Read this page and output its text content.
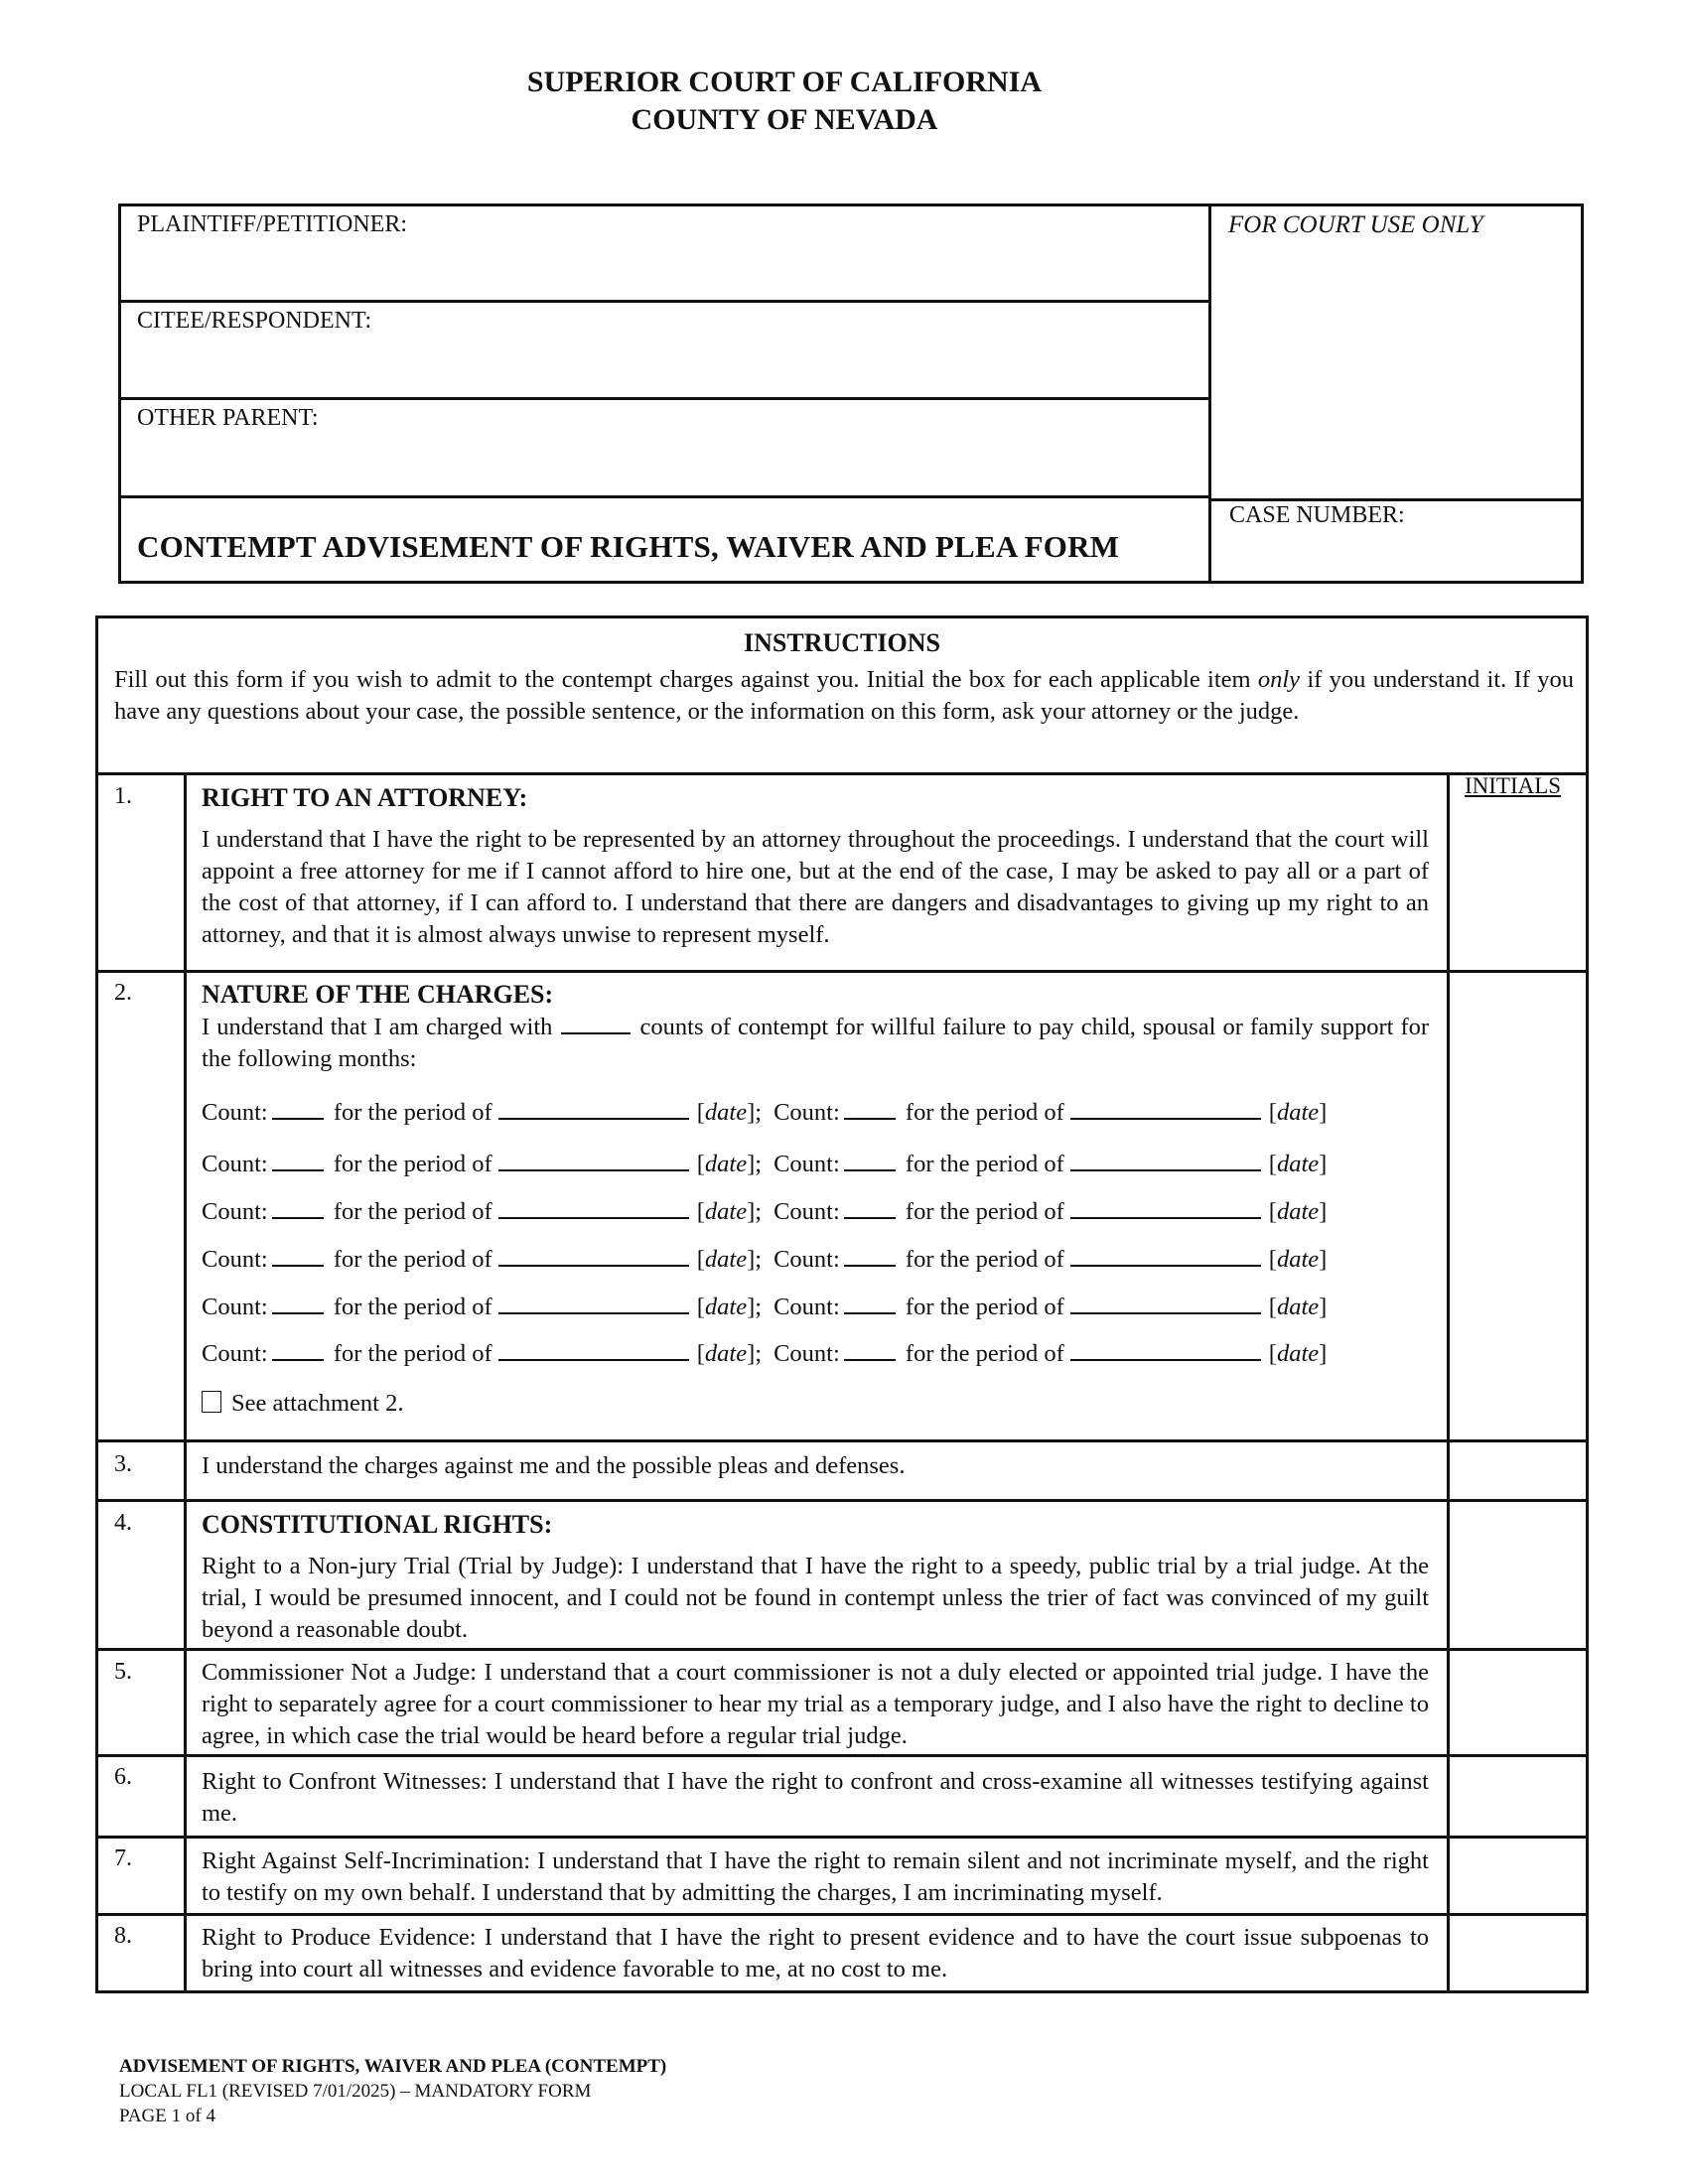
SUPERIOR COURT OF CALIFORNIA
COUNTY OF NEVADA
PLAINTIFF/PETITIONER:
CITEE/RESPONDENT:
OTHER PARENT:
CONTEMPT ADVISEMENT OF RIGHTS, WAIVER AND PLEA FORM
FOR COURT USE ONLY
CASE NUMBER:
INSTRUCTIONS
Fill out this form if you wish to admit to the contempt charges against you. Initial the box for each applicable item only if you understand it. If you have any questions about your case, the possible sentence, or the information on this form, ask your attorney or the judge.
INITIALS
1.	RIGHT TO AN ATTORNEY:
I understand that I have the right to be represented by an attorney throughout the proceedings. I understand that the court will appoint a free attorney for me if I cannot afford to hire one, but at the end of the case, I may be asked to pay all or a part of the cost of that attorney, if I can afford to. I understand that there are dangers and disadvantages to giving up my right to an attorney, and that it is almost always unwise to represent myself.
2.	NATURE OF THE CHARGES:
I understand that I am charged with	counts of contempt for willful failure to pay child, spousal or family support for the following months:
Count:	for the period of	[date]; Count:	for the period of	[date]
Count:	for the period of	[date]; Count:	for the period of	[date]
Count:	for the period of	[date]; Count:	for the period of	[date]
Count:	for the period of	[date]; Count:	for the period of	[date]
Count:	for the period of	[date]; Count:	for the period of	[date]
Count:	for the period of	[date]; Count:	for the period of	[date]
See attachment 2.
3.	I understand the charges against me and the possible pleas and defenses.
4.	CONSTITUTIONAL RIGHTS:
Right to a Non-jury Trial (Trial by Judge): I understand that I have the right to a speedy, public trial by a trial judge. At the trial, I would be presumed innocent, and I could not be found in contempt unless the trier of fact was convinced of my guilt beyond a reasonable doubt.
5.	Commissioner Not a Judge: I understand that a court commissioner is not a duly elected or appointed trial judge. I have the right to separately agree for a court commissioner to hear my trial as a temporary judge, and I also have the right to decline to agree, in which case the trial would be heard before a regular trial judge.
6.	Right to Confront Witnesses: I understand that I have the right to confront and cross-examine all witnesses testifying against me.
7.	Right Against Self-Incrimination: I understand that I have the right to remain silent and not incriminate myself, and the right to testify on my own behalf. I understand that by admitting the charges, I am incriminating myself.
8.	Right to Produce Evidence: I understand that I have the right to present evidence and to have the court issue subpoenas to bring into court all witnesses and evidence favorable to me, at no cost to me.
ADVISEMENT OF RIGHTS, WAIVER AND PLEA (CONTEMPT)
LOCAL FL1 (REVISED 7/01/2025) – MANDATORY FORM
PAGE 1 of 4
